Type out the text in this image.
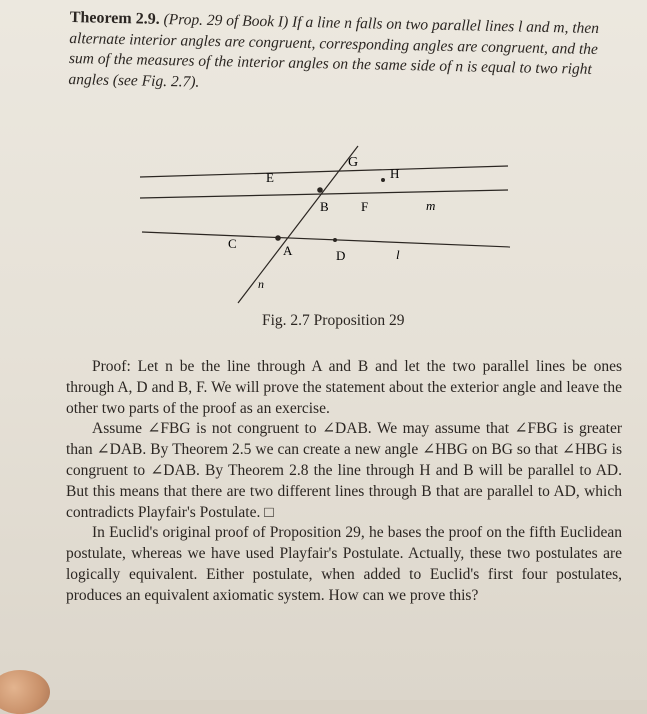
Theorem 2.9. (Prop. 29 of Book I) If a line n falls on two parallel lines l and m, then alternate interior angles are congruent, corresponding angles are congruent, and the sum of the measures of the interior angles on the same side of n is equal to two right angles (see Fig. 2.7).
G
E	H
B F	m
C	A	D	l
n
Fig. 2.7 Proposition 29

Proof: Let n be the line through A and B and let the two parallel lines be ones through A, D and B, F. We will prove the statement about the exterior angle and leave the other two parts of the proof as an exercise.

Assume ∠FBG is not congruent to ∠DAB. We may assume that ∠FBG is greater than ∠DAB. By Theorem 2.5 we can create a new angle ∠HBG on BG so that ∠HBG is congruent to ∠DAB. By Theorem 2.8 the line through H and B will be parallel to AD. But this means that there are two different lines through B that are parallel to AD, which contradicts Playfair's Postulate. □

In Euclid's original proof of Proposition 29, he bases the proof on the fifth Euclidean postulate, whereas we have used Playfair's Postulate. Actually, these two postulates are logically equivalent. Either postulate, when added to Euclid's first four postulates, produces an equivalent axiomatic system. How can we prove this?
